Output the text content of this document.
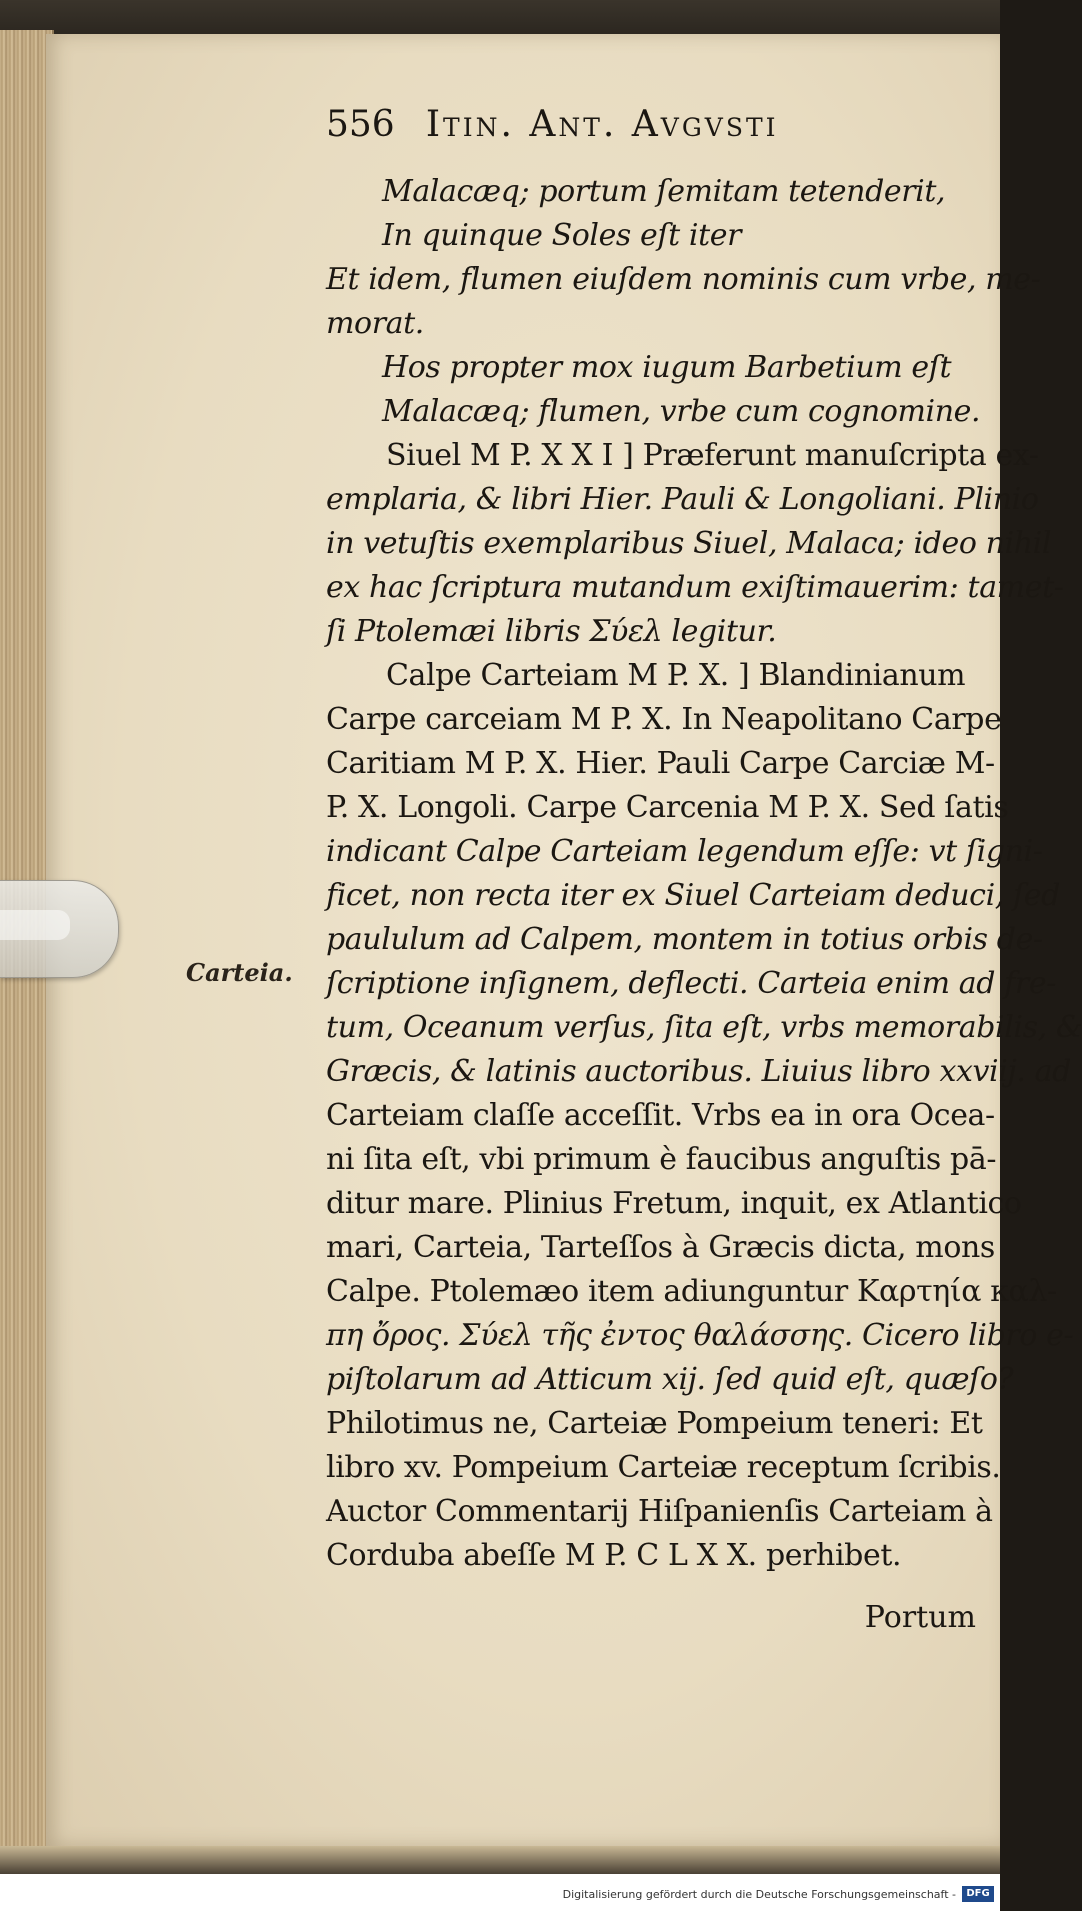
556 Itin. Ant. Avgvsti
Malacæq; portum ſemitam tetenderit,
In quinque Soles eſt iter
Et idem, flumen eiuſdem nominis cum vrbe, me-
morat.
Hos propter mox iugum Barbetium eſt
Malacæq; flumen, vrbe cum cognomine.
Siuel M P. X X I ] Præferunt manuſcripta ex-
emplaria, & libri Hier. Pauli & Longoliani. Plinio
in vetuſtis exemplaribus Siuel, Malaca; ideo nihil
ex hac ſcriptura mutandum exiſtimauerim: tamet-
ſi Ptolemæi libris Σύελ legitur.
Calpe Carteiam M P. X. ] Blandinianum
Carpe carceiam M P. X. In Neapolitano Carpe
Caritiam M P. X. Hier. Pauli Carpe Carciæ M-
P. X. Longoli. Carpe Carcenia M P. X. Sed ſatis
indicant Calpe Carteiam legendum eſſe: vt ſigni-
ficet, non recta iter ex Siuel Carteiam deduci, ſed
paululum ad Calpem, montem in totius orbis de-
ſcriptione inſignem, deflecti. Carteia enim ad fre-
tum, Oceanum verſus, ſita eſt, vrbs memorabilis, &
Græcis, & latinis auctoribus. Liuius libro xxviij. ad
Carteiam claſſe acceſſit. Vrbs ea in ora Ocea-
ni ſita eſt, vbi primum è faucibus anguſtis pā-
ditur mare. Plinius Fretum, inquit, ex Atlantico
mari, Carteia, Tarteſſos à Græcis dicta, mons
Calpe. Ptolemæo item adiunguntur Καρτηία καλ-
πη ὄρος. Σύελ τῆς ἐντος θαλάσσης. Cicero libro e-
piſtolarum ad Atticum xij. ſed quid eſt, quæſo?
Philotimus ne, Carteiæ Pompeium teneri: Et
libro xv. Pompeium Carteiæ receptum ſcribis.
Auctor Commentarij Hiſpanienſis Carteiam à
Corduba abeſſe M P. C L X X. perhibet.
Carteia.
Portum
Digitalisierung gefördert durch die Deutsche Forschungsgemeinschaft -	DFG
